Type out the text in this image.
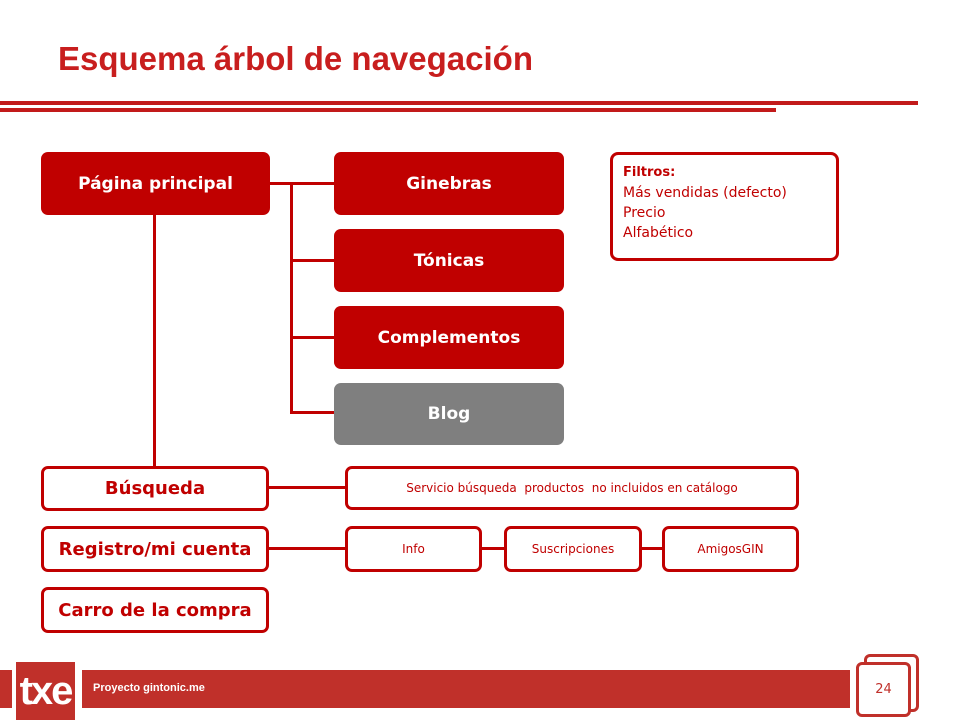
Esquema árbol de navegación
Página principal	Ginebras
Tónicas
Complementos
Blog
Filtros:
Más vendidas (defecto)
Precio
Alfabético
Búsqueda
Registro/mi cuenta
Carro de la compra
Servicio búsqueda  productos  no incluidos en catálogo
Info	Suscripciones	AmigosGIN
txe	Proyecto gintonic.me	24
